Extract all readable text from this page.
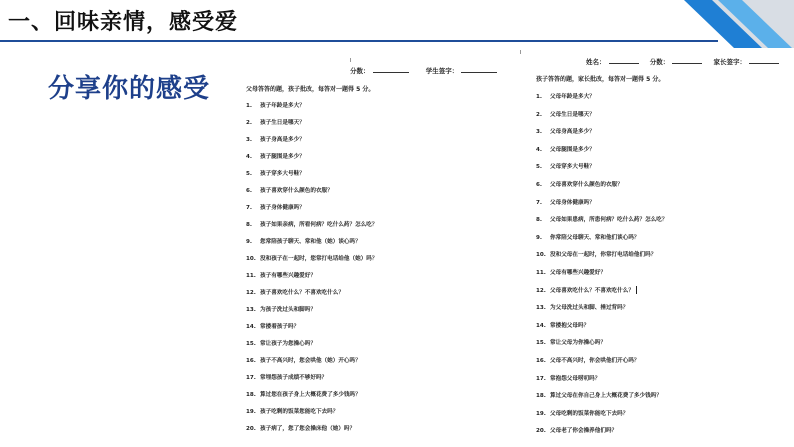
一、回味亲情，感受爱
分享你的感受
分数：	学生签字：
父母答答的题，孩子批改，每答对一题得 5 分。
1. 孩子年龄是多大？
2. 孩子生日是哪天？
3. 孩子身高是多少？
4. 孩子腿围是多少？
5. 孩子穿多大号鞋？
6. 孩子喜欢穿什么颜色的衣服？
7. 孩子身体健康吗？
8. 孩子如果亲病，所看何病？吃什么药？怎么吃？
9. 您常陪孩子聊天、常和他（她）谈心吗？
10. 没和孩子在一起时，您常打电话给他（她）吗？
11. 孩子有哪些兴趣爱好？
12. 孩子喜欢吃什么？不喜欢吃什么？
13. 为孩子洗过头和脚吗？
14. 常搂着孩子吗？
15. 常让孩子为您操心吗？
16. 孩子不高兴时，您会哄他（她）开心吗？
17. 常埋怨孩子成绩不够好吗？
18. 算过您在孩子身上大概花费了多少钱吗？
19. 孩子吃剩的饭菜您能吃下去吗？
20. 孩子病了，您了您会操床他（她）吗？
姓名：	分数：	家长签字：
孩子答答的题，家长批改，每答对一题得 5 分。
1. 父母年龄是多大？
2. 父母生日是哪天？
3. 父母身高是多少？
4. 父母腿围是多少？
5. 父母穿多大号鞋？
6. 父母喜欢穿什么颜色的衣服？
7. 父母身体健康吗？
8. 父母如果患病，所患何病？吃什么药？怎么吃？
9. 你常陪父母聊天、常和他们谈心吗？
10. 没和父母在一起时，你常打电话给他们吗？
11. 父母有哪些兴趣爱好？
12. 父母喜欢吃什么？不喜欢吃什么？
13. 为父母洗过头和脚、捶过背吗？
14. 常搂抱父母吗？
15. 常让父母为你操心吗？
16. 父母不高兴时，你会哄他们开心吗？
17. 常抱怨父母唠叨吗？
18. 算过父母在你自己身上大概花费了多少钱吗？
19. 父母吃剩的饭菜你能吃下去吗？
20. 父母老了你会操养他们吗？
